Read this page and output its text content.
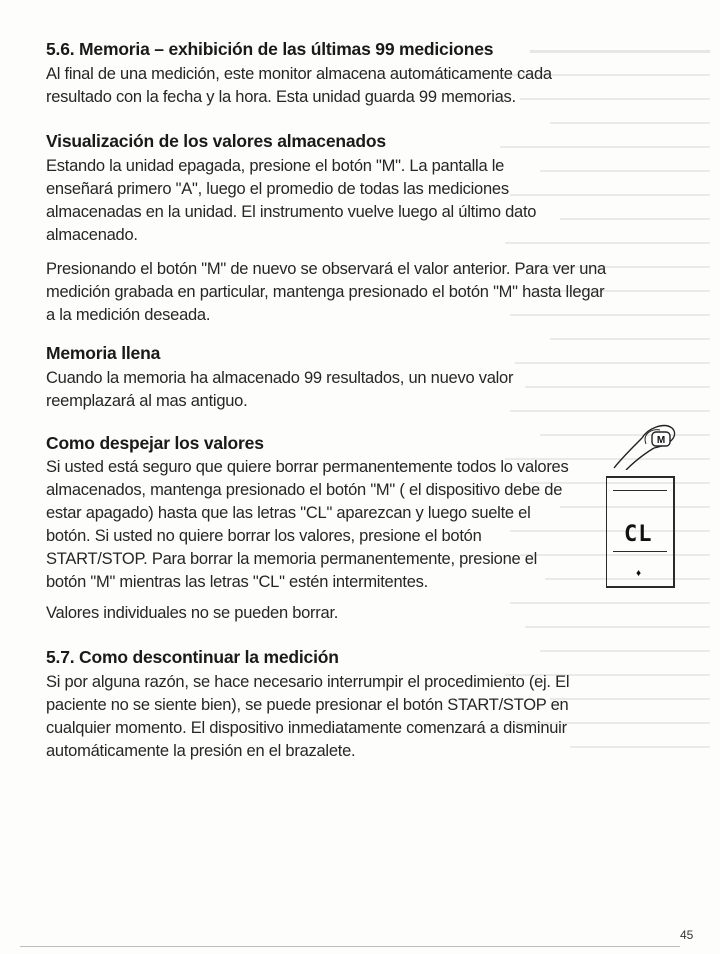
5.6. Memoria – exhibición de las últimas 99 mediciones

Al final de una medición, este monitor almacena automáticamente cada resultado con la fecha y la hora. Esta unidad guarda 99 memorias.

Visualización de los valores almacenados

Estando la unidad epagada, presione el botón "M". La pantalla le enseñará primero "A", luego el promedio de todas las mediciones almacenadas en la unidad. El instrumento vuelve luego al último dato almacenado.

Presionando el botón "M" de nuevo se observará el valor anterior. Para ver una medición grabada en particular, mantenga presionado el botón "M" hasta llegar a la medición deseada.

Memoria llena

Cuando la memoria ha almacenado 99 resultados, un nuevo valor reemplazará al mas antiguo.

Como despejar los valores

Si usted está seguro que quiere borrar permanentemente todos lo valores almacenados, mantenga presionado el botón "M" ( el dispositivo debe de estar apagado) hasta que las letras "CL" aparezcan y luego suelte el botón. Si usted no quiere borrar los valores, presione el botón START/STOP. Para borrar la memoria permanentemente, presione el botón "M" mientras las letras "CL" estén intermitentes.

Valores individuales no se pueden borrar.

5.7. Como descontinuar la medición

Si por alguna razón, se hace necesario interrumpir el procedimiento (ej. El paciente no se siente bien), se puede presionar el botón START/STOP en cualquier momento. El dispositivo inmediatamente comenzará a disminuir automáticamente la presión en el brazalete.

M
CL
♦
45
